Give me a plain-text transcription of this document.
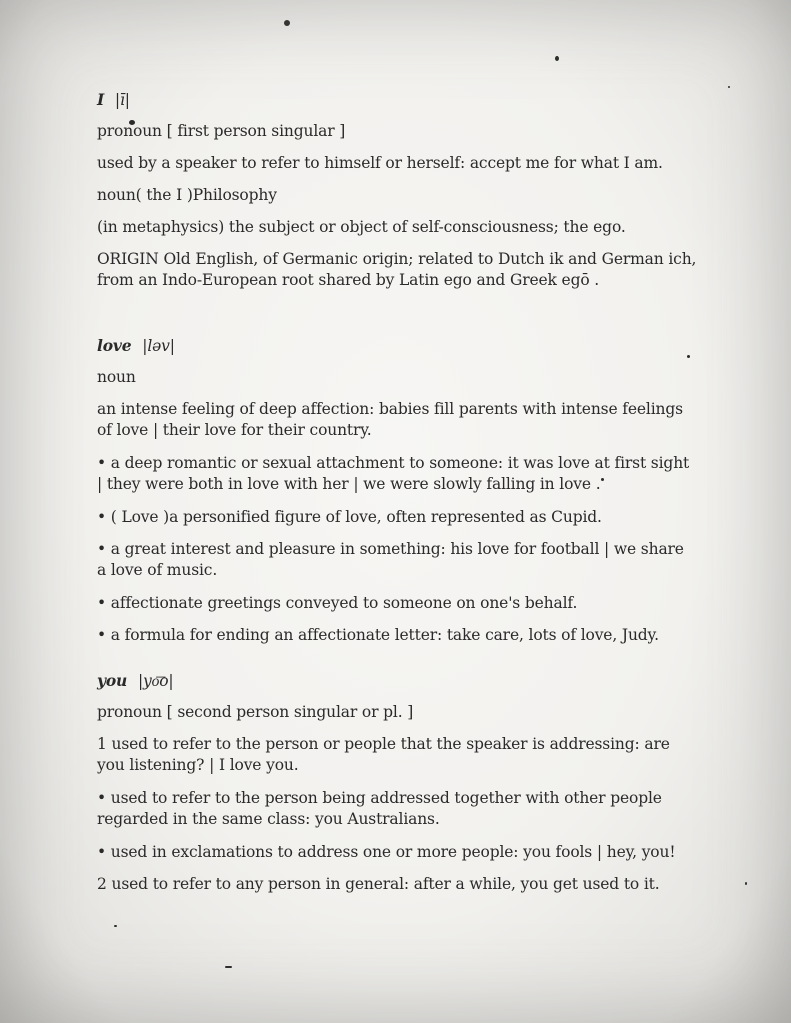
I |ī|

pronoun [ first person singular ]

used by a speaker to refer to himself or herself: accept me for what I am.

noun( the I )Philosophy

(in metaphysics) the subject or object of self-consciousness; the ego.

ORIGIN Old English, of Germanic origin; related to Dutch ik and German ich, from an Indo-European root shared by Latin ego and Greek egō .

love |ləv|

noun

an intense feeling of deep affection: babies fill parents with intense feelings of love | their love for their country.

• a deep romantic or sexual attachment to someone: it was love at first sight | they were both in love with her | we were slowly falling in love .

• ( Love )a personified figure of love, often represented as Cupid.

• a great interest and pleasure in something: his love for football | we share a love of music.

• affectionate greetings conveyed to someone on one's behalf.

• a formula for ending an affectionate letter: take care, lots of love, Judy.

you |yo͞o|

pronoun [ second person singular or pl. ]

1 used to refer to the person or people that the speaker is addressing: are you listening? | I love you.

• used to refer to the person being addressed together with other people regarded in the same class: you Australians.

• used in exclamations to address one or more people: you fools | hey, you!

2 used to refer to any person in general: after a while, you get used to it.
